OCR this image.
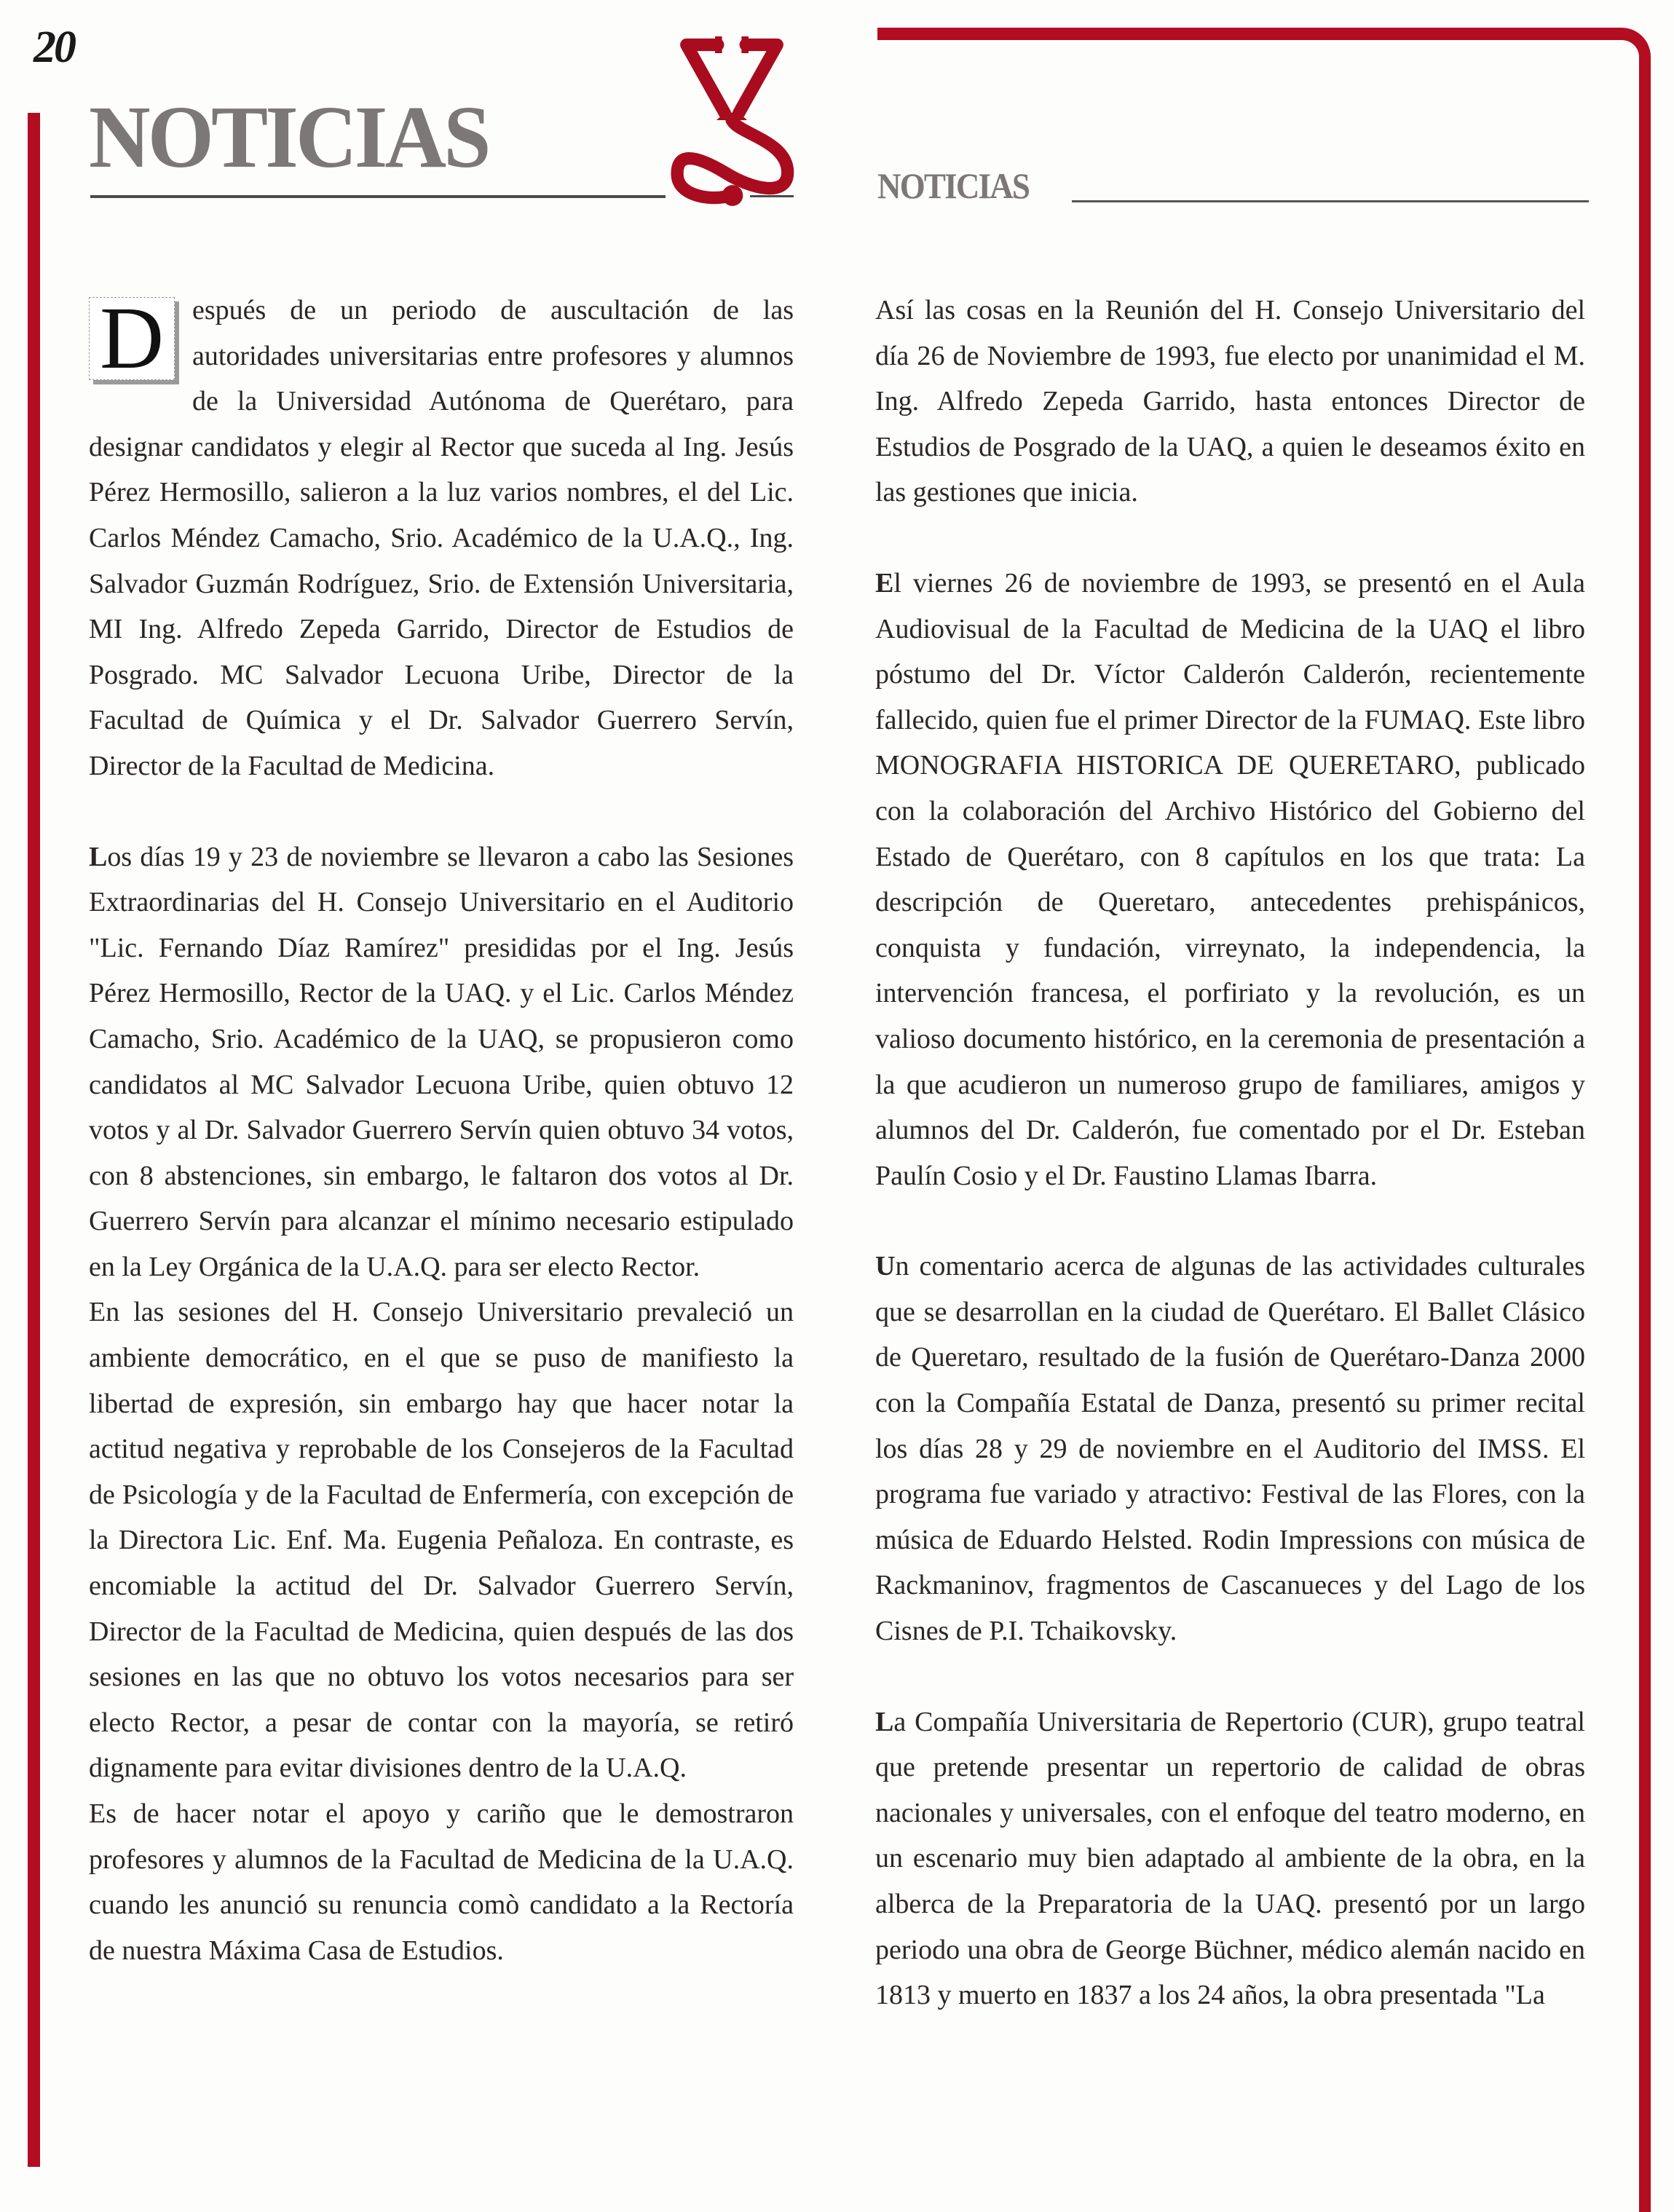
20
NOTICIAS	NOTICIAS

D espués de un periodo de auscultación de las autoridades universitarias entre profesores y alumnos de la Universidad Autónoma de Querétaro, para designar candidatos y elegir al Rector que suceda al Ing. Jesús Pérez Hermosillo, salieron a la luz varios nombres, el del Lic. Carlos Méndez Camacho, Srio. Académico de la U.A.Q., Ing. Salvador Guzmán Rodríguez, Srio. de Extensión Universitaria, MI Ing. Alfredo Zepeda Garrido, Director de Estudios de Posgrado. MC Salvador Lecuona Uribe, Director de la Facultad de Química y el Dr. Salvador Guerrero Servín, Director de la Facultad de Medicina.

Los días 19 y 23 de noviembre se llevaron a cabo las Sesiones Extraordinarias del H. Consejo Universitario en el Auditorio "Lic. Fernando Díaz Ramírez" presididas por el Ing. Jesús Pérez Hermosillo, Rector de la UAQ. y el Lic. Carlos Méndez Camacho, Srio. Académico de la UAQ, se propusieron como candidatos al MC Salvador Lecuona Uribe, quien obtuvo 12 votos y al Dr. Salvador Guerrero Servín quien obtuvo 34 votos, con 8 abstenciones, sin embargo, le faltaron dos votos al Dr. Guerrero Servín para alcanzar el mínimo necesario estipulado en la Ley Orgánica de la U.A.Q. para ser electo Rector.

En las sesiones del H. Consejo Universitario prevaleció un ambiente democrático, en el que se puso de manifiesto la libertad de expresión, sin embargo hay que hacer notar la actitud negativa y reprobable de los Consejeros de la Facultad de Psicología y de la Facultad de Enfermería, con excepción de la Directora Lic. Enf. Ma. Eugenia Peñaloza. En contraste, es encomiable la actitud del Dr. Salvador Guerrero Servín, Director de la Facultad de Medicina, quien después de las dos sesiones en las que no obtuvo los votos necesarios para ser electo Rector, a pesar de contar con la mayoría, se retiró dignamente para evitar divisiones dentro de la U.A.Q.

Es de hacer notar el apoyo y cariño que le demostraron profesores y alumnos de la Facultad de Medicina de la U.A.Q. cuando les anunció su renuncia comò candidato a la Rectoría de nuestra Máxima Casa de Estudios.

Así las cosas en la Reunión del H. Consejo Universitario del día 26 de Noviembre de 1993, fue electo por unanimidad el M. Ing. Alfredo Zepeda Garrido, hasta entonces Director de Estudios de Posgrado de la UAQ, a quien le deseamos éxito en las gestiones que inicia.

El viernes 26 de noviembre de 1993, se presentó en el Aula Audiovisual de la Facultad de Medicina de la UAQ el libro póstumo del Dr. Víctor Calderón Calderón, recientemente fallecido, quien fue el primer Director de la FUMAQ. Este libro MONOGRAFIA HISTORICA DE QUERETARO, publicado con la colaboración del Archivo Histórico del Gobierno del Estado de Querétaro, con 8 capítulos en los que trata: La descripción de Queretaro, antecedentes prehispánicos, conquista y fundación, virreynato, la independencia, la intervención francesa, el porfiriato y la revolución, es un valioso documento histórico, en la ceremonia de presentación a la que acudieron un numeroso grupo de familiares, amigos y alumnos del Dr. Calderón, fue comentado por el Dr. Esteban Paulín Cosio y el Dr. Faustino Llamas Ibarra.

Un comentario acerca de algunas de las actividades culturales que se desarrollan en la ciudad de Querétaro. El Ballet Clásico de Queretaro, resultado de la fusión de Querétaro-Danza 2000 con la Compañía Estatal de Danza, presentó su primer recital los días 28 y 29 de noviembre en el Auditorio del IMSS. El programa fue variado y atractivo: Festival de las Flores, con la música de Eduardo Helsted. Rodin Impressions con música de Rackmaninov, fragmentos de Cascanueces y del Lago de los Cisnes de P.I. Tchaikovsky.

La Compañía Universitaria de Repertorio (CUR), grupo teatral que pretende presentar un repertorio de calidad de obras nacionales y universales, con el enfoque del teatro moderno, en un escenario muy bien adaptado al ambiente de la obra, en la alberca de la Preparatoria de la UAQ. presentó por un largo periodo una obra de George Büchner, médico alemán nacido en 1813 y muerto en 1837 a los 24 años, la obra presentada "La
